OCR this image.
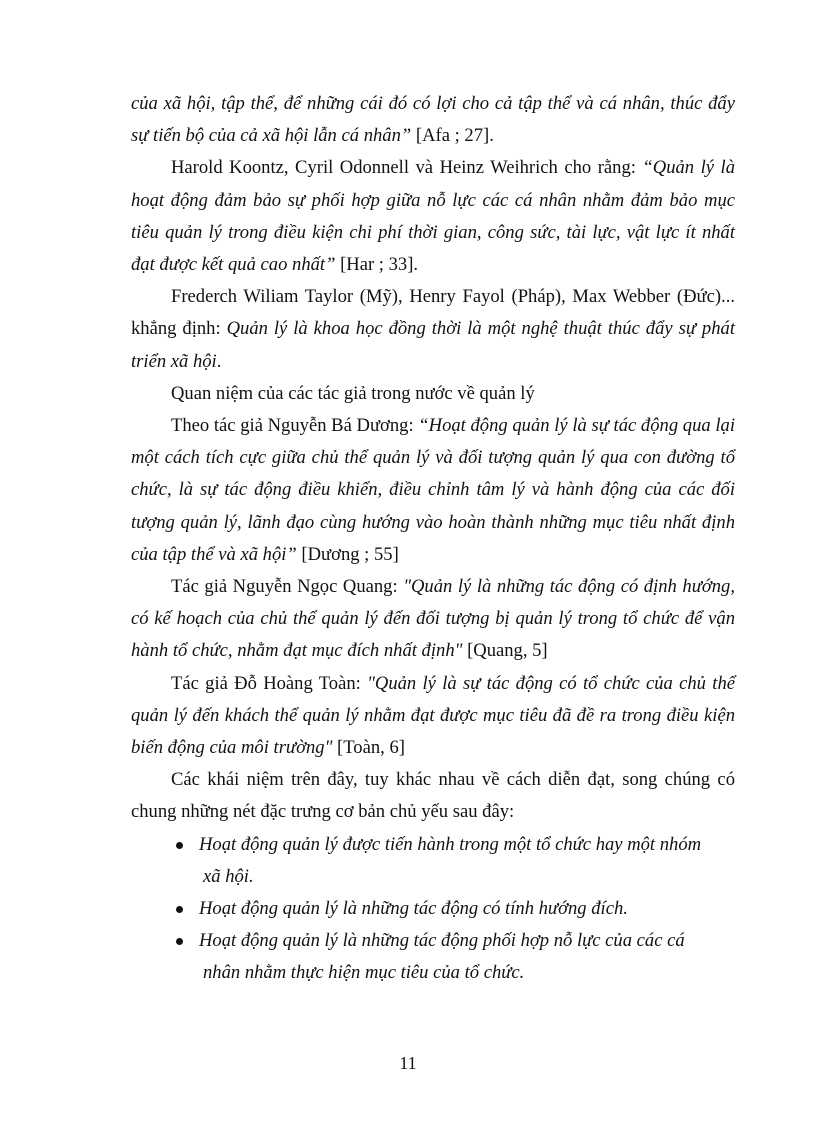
của xã hội, tập thể, để những cái đó có lợi cho cả tập thể và cá nhân, thúc đẩy sự tiến bộ của cả xã hội lẫn cá nhân” [Afa ; 27].

Harold Koontz, Cyril Odonnell và Heinz Weihrich cho rằng: “Quản lý là hoạt động đảm bảo sự phối hợp giữa nỗ lực các cá nhân nhằm đảm bảo mục tiêu quản lý trong điều kiện chi phí thời gian, công sức, tài lực, vật lực ít nhất đạt được kết quả cao nhất” [Har ; 33].

Frederch Wiliam Taylor (Mỹ), Henry Fayol (Pháp), Max Webber (Đức)... khẳng định: Quản lý là khoa học đồng thời là một nghệ thuật thúc đẩy sự phát triển xã hội.

Quan niệm của các tác giả trong nước về quản lý

Theo tác giả Nguyễn Bá Dương: “Hoạt động quản lý là sự tác động qua lại một cách tích cực giữa chủ thể quản lý và đối tượng quản lý qua con đường tổ chức, là sự tác động điều khiển, điều chỉnh tâm lý và hành động của các đối tượng quản lý, lãnh đạo cùng hướng vào hoàn thành những mục tiêu nhất định của tập thể và xã hội” [Dương ; 55]

Tác giả Nguyễn Ngọc Quang: "Quản lý là những tác động có định hướng, có kế hoạch của chủ thể quản lý đến đối tượng bị quản lý trong tổ chức để vận hành tổ chức, nhằm đạt mục đích nhất định" [Quang, 5]

Tác giả Đỗ Hoàng Toàn: "Quản lý là sự tác động có tổ chức của chủ thể quản lý đến khách thể quản lý nhằm đạt được mục tiêu đã đề ra trong điều kiện biến động của môi trường" [Toàn, 6]

Các khái niệm trên đây, tuy khác nhau về cách diễn đạt, song chúng có chung những nét đặc trưng cơ bản chủ yếu sau đây:

Hoạt động quản lý được tiến hành trong một tổ chức hay một nhóm
xã hội.
Hoạt động quản lý là những tác động có tính hướng đích.
Hoạt động quản lý là những tác động phối hợp nỗ lực của các cá
nhân nhằm thực hiện mục tiêu của tổ chức.
11
